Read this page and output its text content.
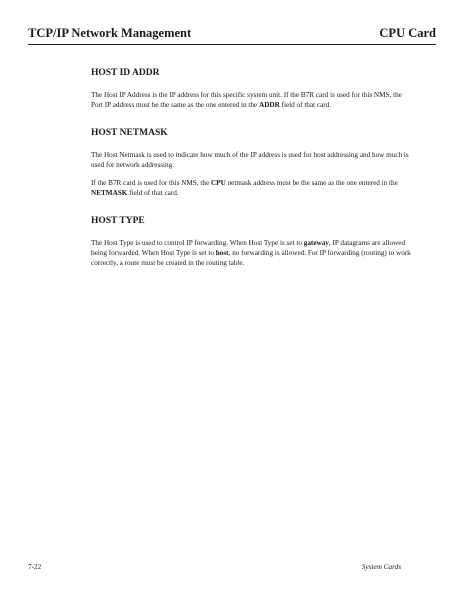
TCP/IP Network Management	CPU Card
HOST ID ADDR

The Host IP Address is the IP address for this specific system unit. If the B7R card is used for this NMS, the Port IP address must be the same as the one entered in the ADDR field of that card.

HOST NETMASK

The Host Netmask is used to indicate how much of the IP address is used for host addressing and how much is used for network addressing.

If the B7R card is used for this NMS, the CPU netmask address must be the same as the one entered in the NETMASK field of that card.

HOST TYPE

The Host Type is used to control IP forwarding. When Host Type is set to gateway, IP datagrams are allowed being forwarded. When Host Type is set to host, no forwarding is allowed. For IP forwarding (routing) to work correctly, a route must be created in the routing table.

7-22	System Cards
